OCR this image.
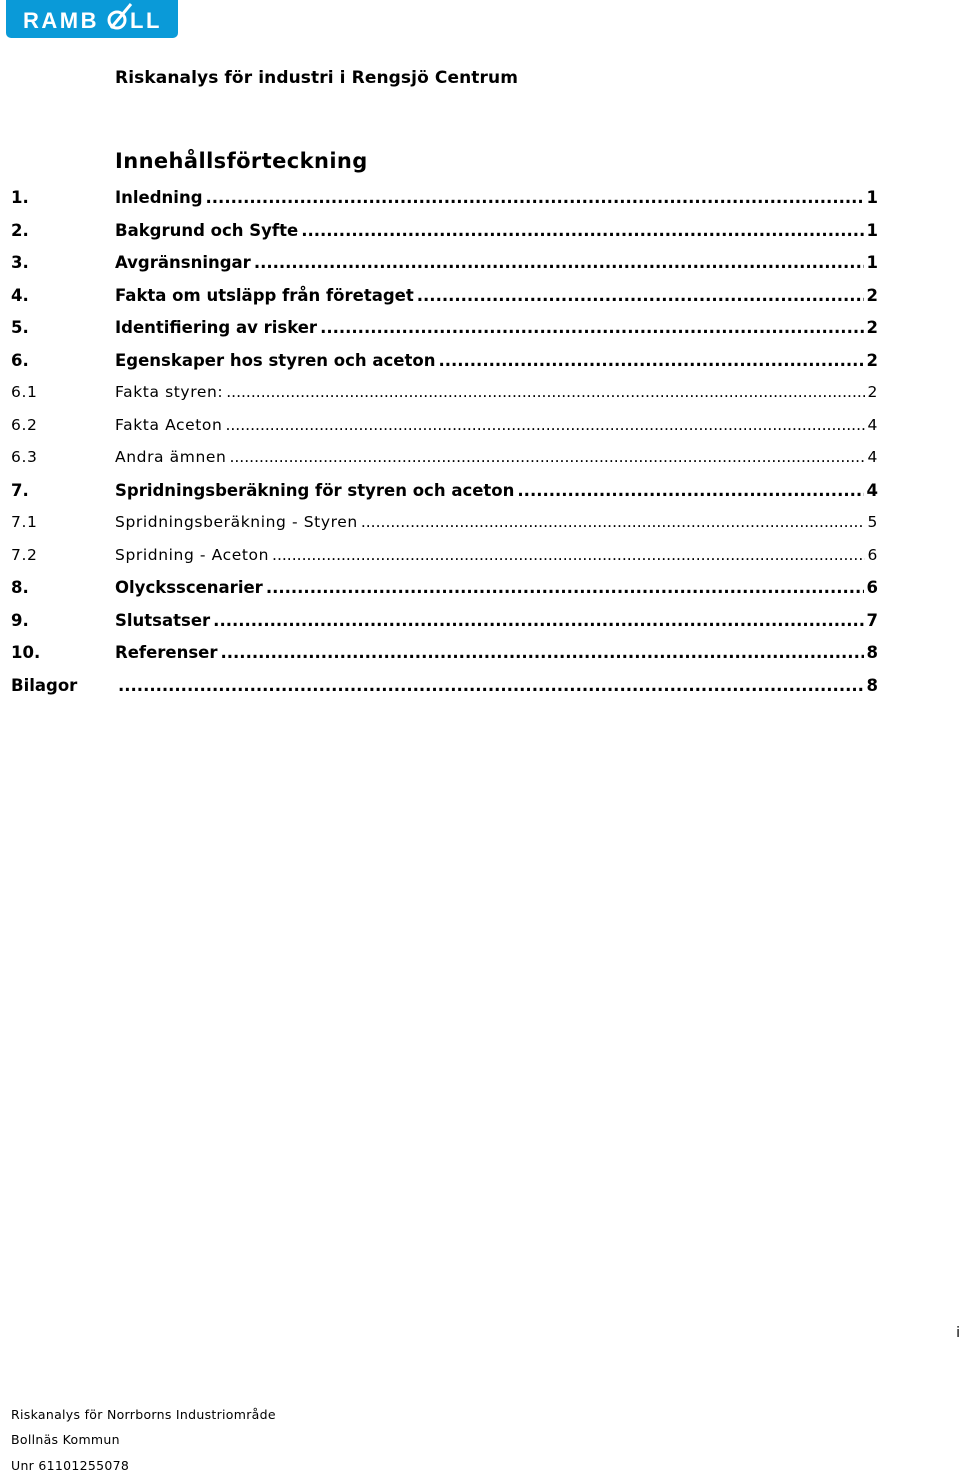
RAMB LL
Riskanalys för industri i Rengsjö Centrum
Innehållsförteckning
1.	Inledning .....	1
2.	Bakgrund och Syfte .....	1
3.	Avgränsningar .....	1
4.	Fakta om utsläpp från företaget .....	2
5.	Identifiering av risker .....	2
6.	Egenskaper hos styren och aceton .....	2
6.1	Fakta styren: .....	2
6.2	Fakta Aceton .....	4
6.3	Andra ämnen .....	4
7.	Spridningsberäkning för styren och aceton .....	4
7.1	Spridningsberäkning - Styren .....	5
7.2	Spridning - Aceton .....	6
8.	Olycksscenarier .....	6
9.	Slutsatser .....	7
10.	Referenser .....	8
Bilagor .....	8
i
Riskanalys för Norrborns Industriområde
Bollnäs Kommun
Unr 61101255078
